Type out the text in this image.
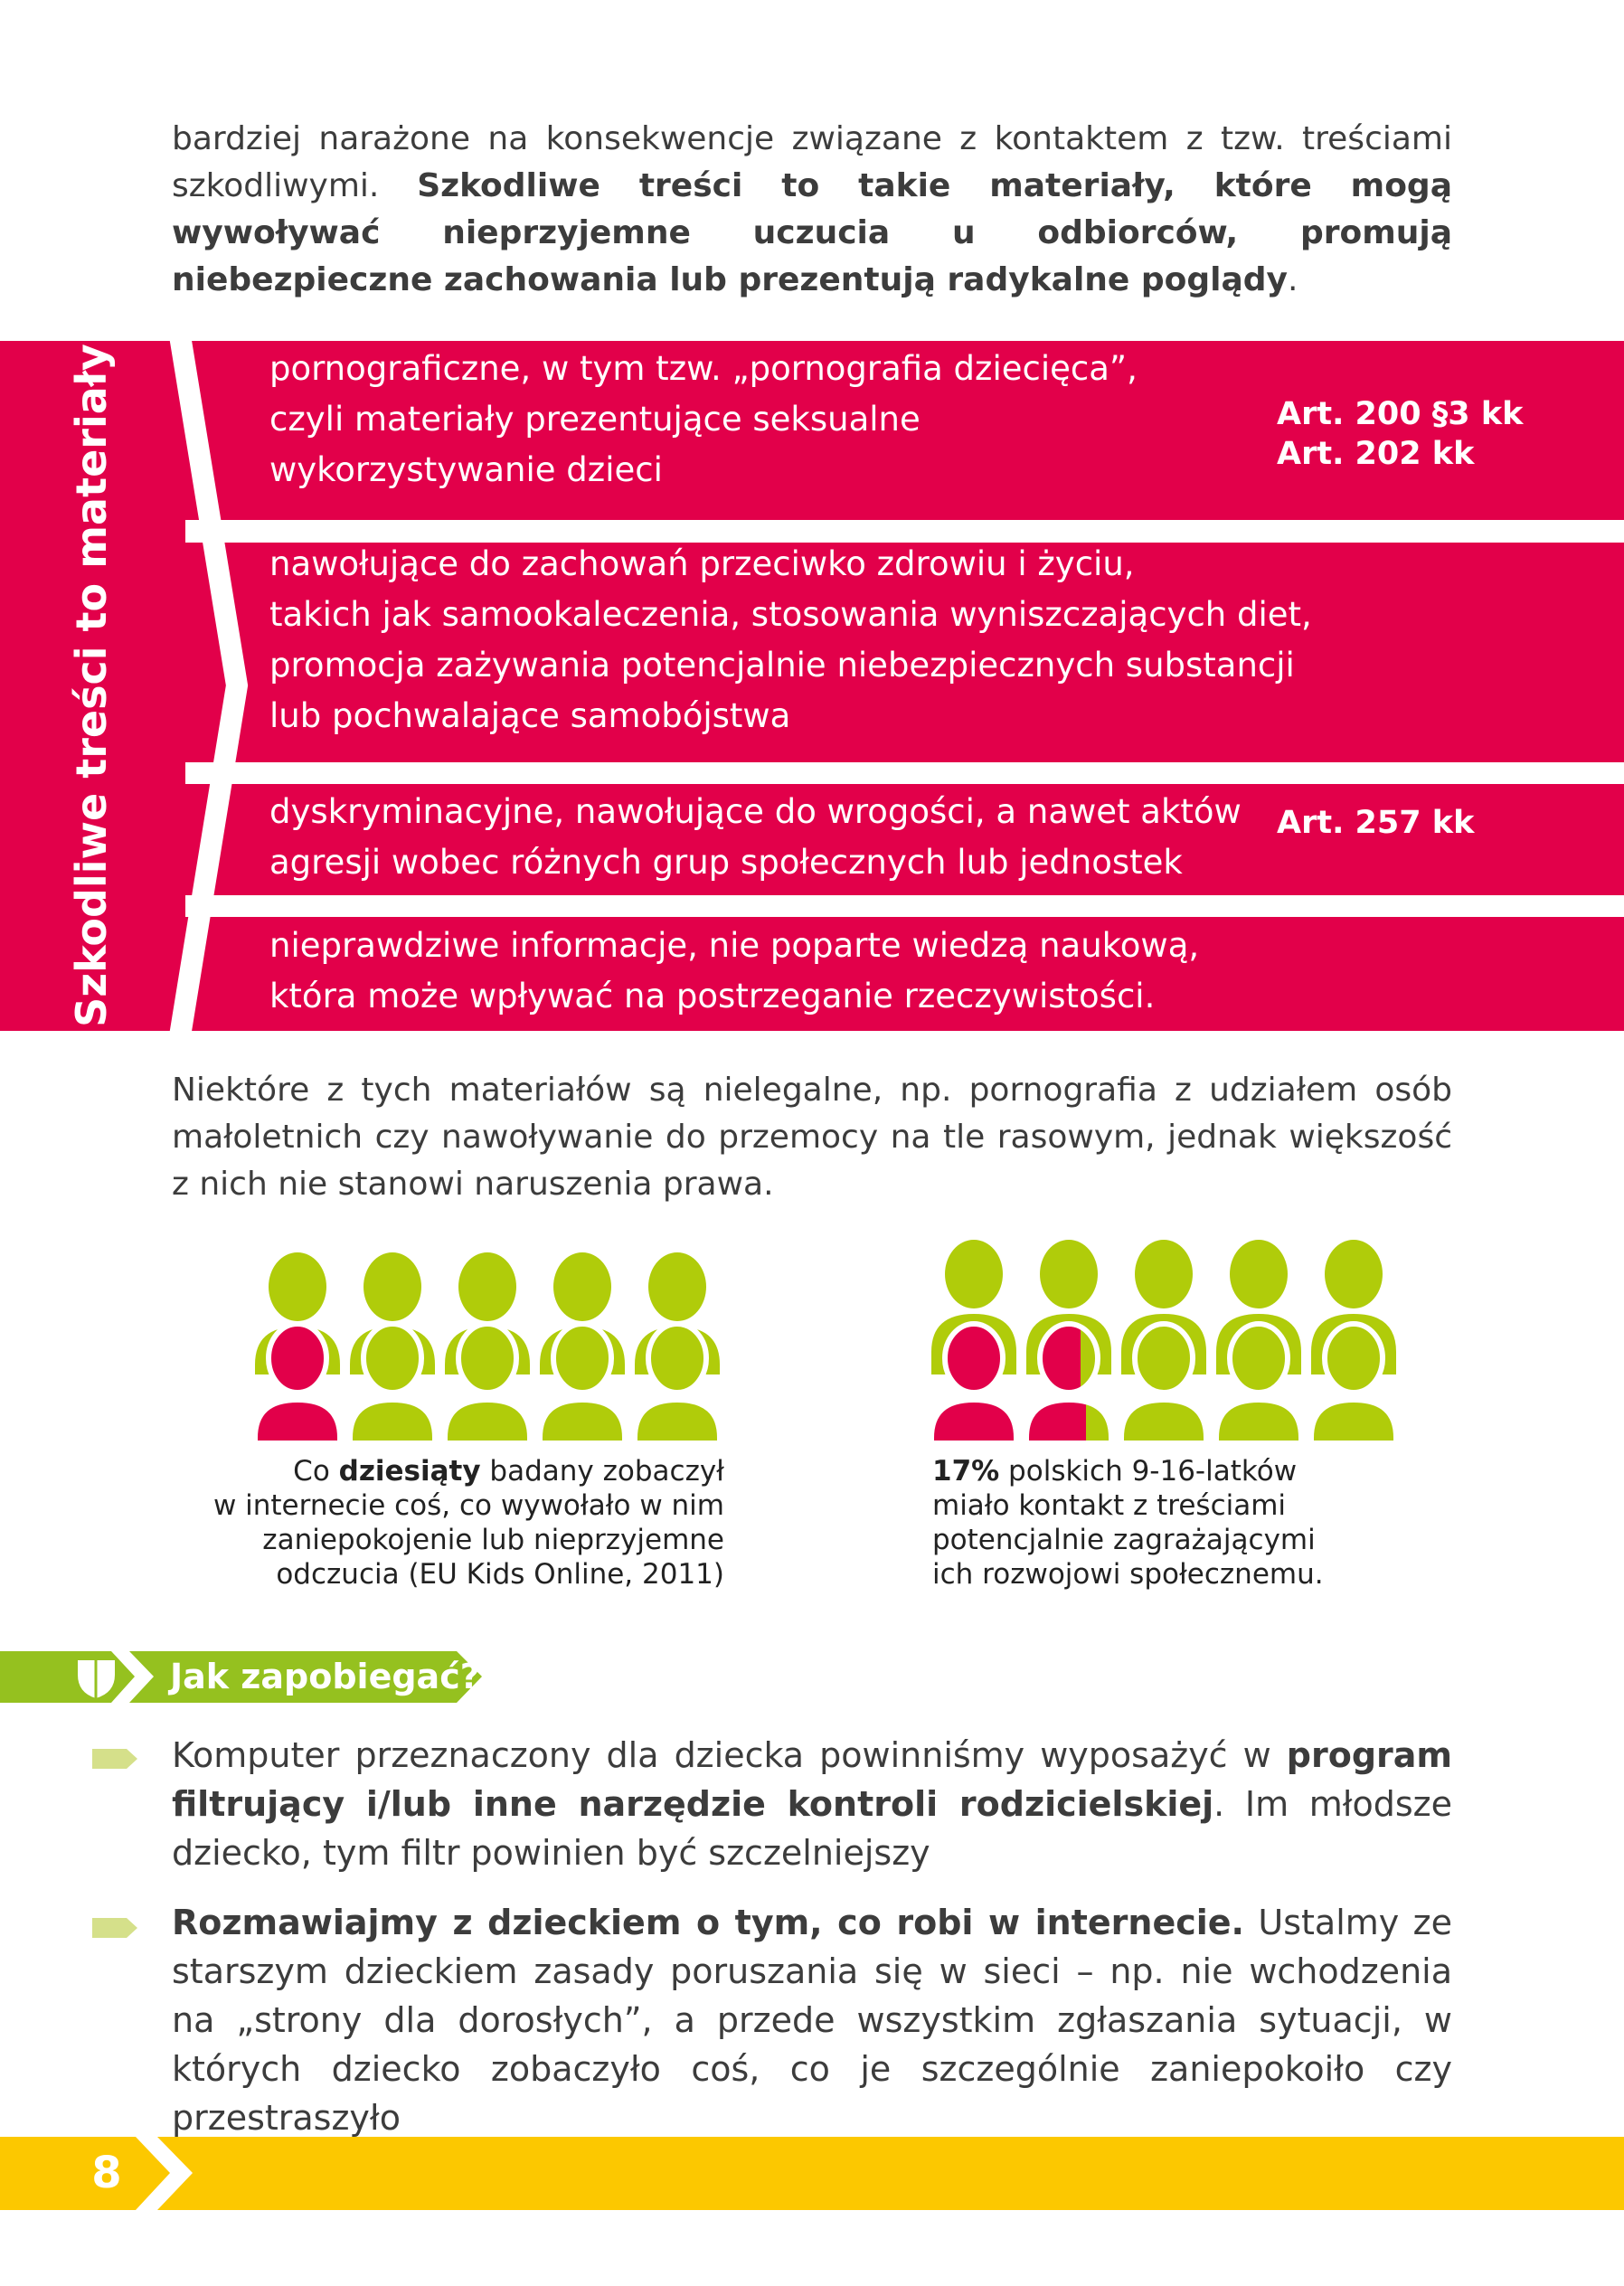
bardziej narażone na konsekwencje związane z kontaktem z tzw. treściami szkodliwymi. Szkodliwe treści to takie materiały, które mogą wywoływać nieprzyjemne uczucia u odbiorców, promują niebezpieczne zachowania lub prezentują radykalne poglądy.
Szkodliwe treści to materiały	pornograficzne, w tym tzw. „pornografia dziecięca”,
czyli materiały prezentujące seksualne
wykorzystywanie dzieci
Art. 200 §3 kk
Art. 202 kk
nawołujące do zachowań przeciwko zdrowiu i życiu,
takich jak samookaleczenia, stosowania wyniszczających diet,
promocja zażywania potencjalnie niebezpiecznych substancji
lub pochwalające samobójstwa
dyskryminacyjne, nawołujące do wrogości, a nawet aktów
agresji wobec różnych grup społecznych lub jednostek
Art. 257 kk
nieprawdziwe informacje, nie poparte wiedzą naukową,
która może wpływać na postrzeganie rzeczywistości.
Niektóre z tych materiałów są nielegalne, np. pornografia z udziałem osób małoletnich czy nawoływanie do przemocy na tle rasowym, jednak większość z nich nie stanowi naruszenia prawa.
Co dziesiąty badany zobaczył
w internecie coś, co wywołało w nim
zaniepokojenie lub nieprzyjemne
odczucia (EU Kids Online, 2011)
17% polskich 9-16-latków
miało kontakt z treściami
potencjalnie zagrażającymi
ich rozwojowi społecznemu.
Jak zapobiegać?
Komputer przeznaczony dla dziecka powinniśmy wyposażyć w program filtrujący i/lub inne narzędzie kontroli rodzicielskiej. Im młodsze dziecko, tym filtr powinien być szczelniejszy
Rozmawiajmy z dzieckiem o tym, co robi w internecie. Ustalmy ze starszym dzieckiem zasady poruszania się w sieci – np. nie wchodzenia na „strony dla dorosłych”, a przede wszystkim zgłaszania sytuacji, w których dziecko zobaczyło coś, co je szczególnie zaniepokoiło czy przestraszyło
8
